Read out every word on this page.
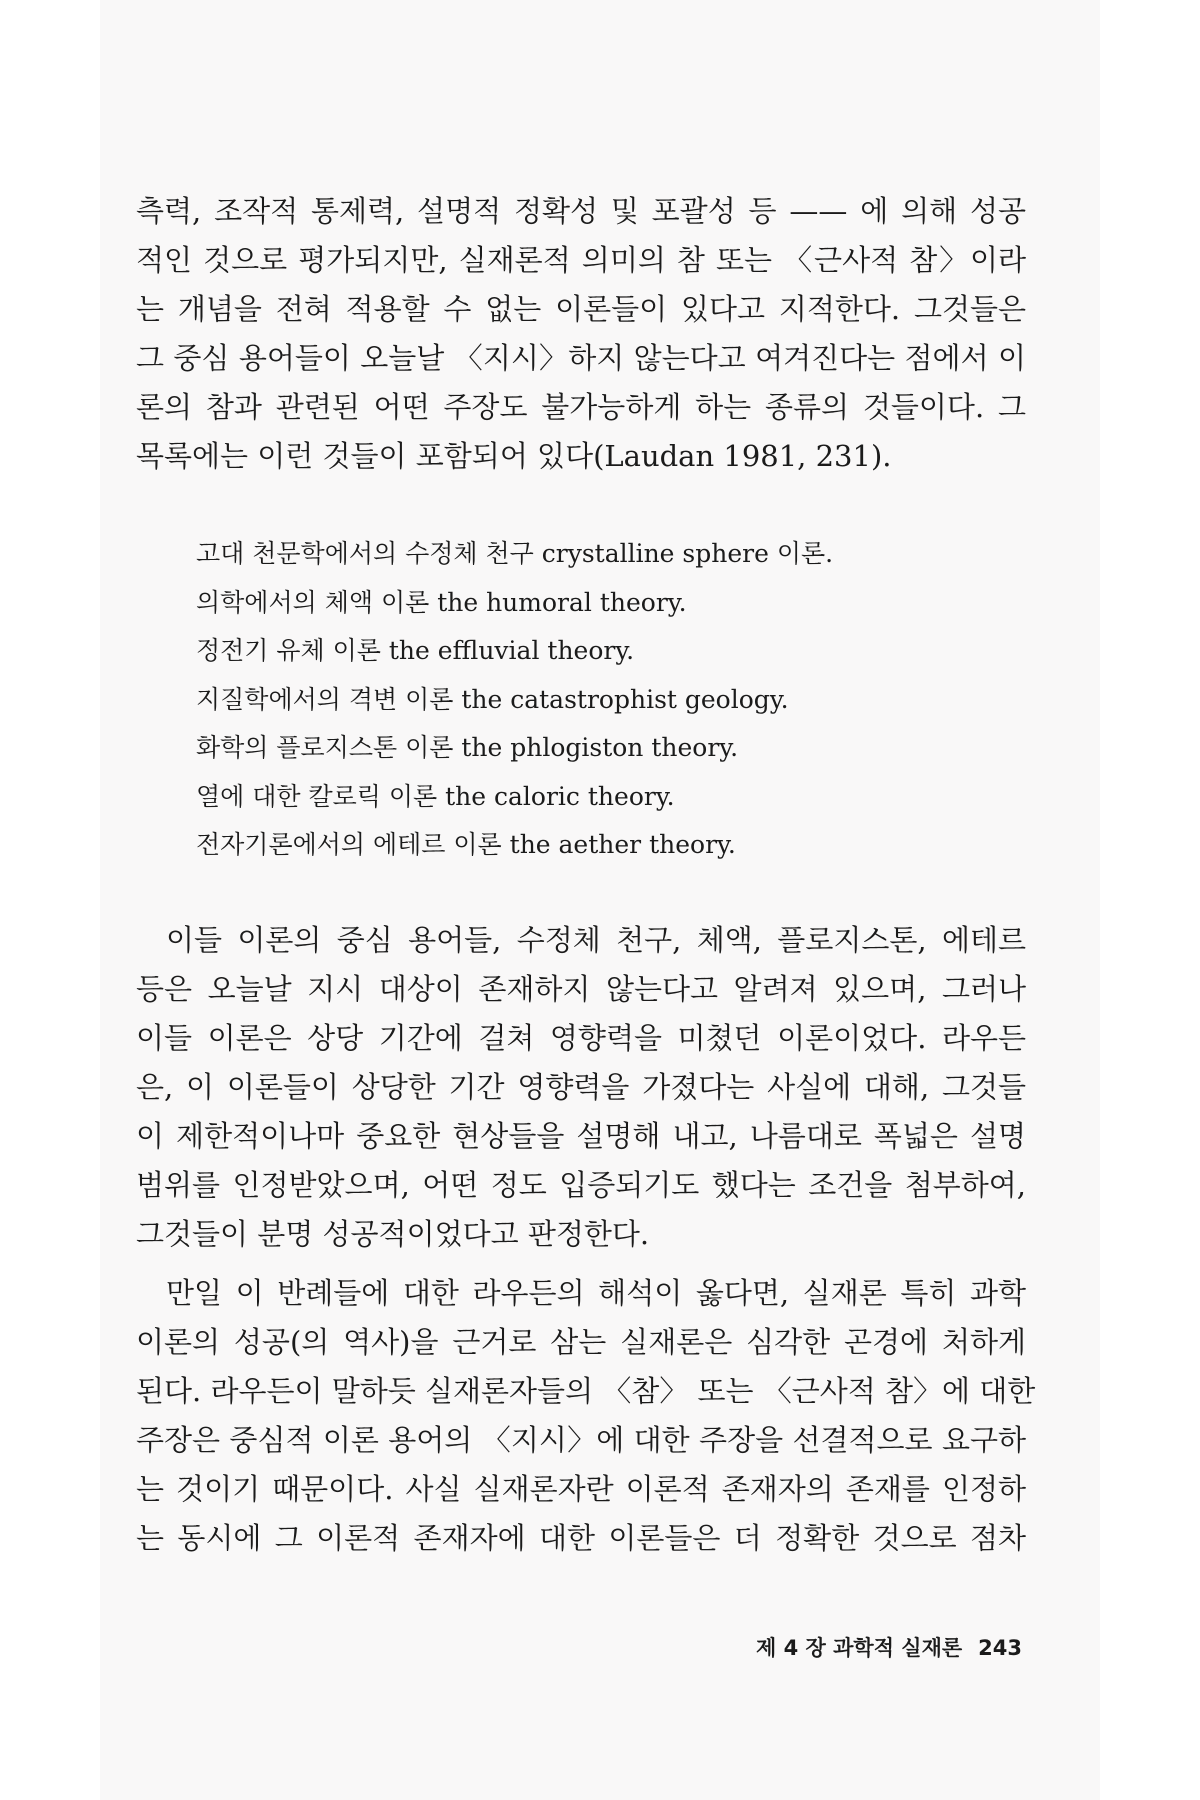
측력, 조작적 통제력, 설명적 정확성 및 포괄성 등 —— 에 의해 성공
적인 것으로 평가되지만, 실재론적 의미의 참 또는 〈근사적 참〉이라
는 개념을 전혀 적용할 수 없는 이론들이 있다고 지적한다. 그것들은
그 중심 용어들이 오늘날 〈지시〉하지 않는다고 여겨진다는 점에서 이
론의 참과 관련된 어떤 주장도 불가능하게 하는 종류의 것들이다. 그
목록에는 이런 것들이 포함되어 있다(Laudan 1981, 231).
고대 천문학에서의 수정체 천구 crystalline sphere 이론.
의학에서의 체액 이론 the humoral theory.
정전기 유체 이론 the effluvial theory.
지질학에서의 격변 이론 the catastrophist geology.
화학의 플로지스톤 이론 the phlogiston theory.
열에 대한 칼로릭 이론 the caloric theory.
전자기론에서의 에테르 이론 the aether theory.
이들 이론의 중심 용어들, 수정체 천구, 체액, 플로지스톤, 에테르
등은 오늘날 지시 대상이 존재하지 않는다고 알려져 있으며, 그러나
이들 이론은 상당 기간에 걸쳐 영향력을 미쳤던 이론이었다. 라우든
은, 이 이론들이 상당한 기간 영향력을 가졌다는 사실에 대해, 그것들
이 제한적이나마 중요한 현상들을 설명해 내고, 나름대로 폭넓은 설명
범위를 인정받았으며, 어떤 정도 입증되기도 했다는 조건을 첨부하여,
그것들이 분명 성공적이었다고 판정한다.
만일 이 반례들에 대한 라우든의 해석이 옳다면, 실재론 특히 과학
이론의 성공(의 역사)을 근거로 삼는 실재론은 심각한 곤경에 처하게
된다. 라우든이 말하듯 실재론자들의 〈참〉 또는 〈근사적 참〉에 대한
주장은 중심적 이론 용어의 〈지시〉에 대한 주장을 선결적으로 요구하
는 것이기 때문이다. 사실 실재론자란 이론적 존재자의 존재를 인정하
는 동시에 그 이론적 존재자에 대한 이론들은 더 정확한 것으로 점차
제 4 장 과학적 실재론 243
